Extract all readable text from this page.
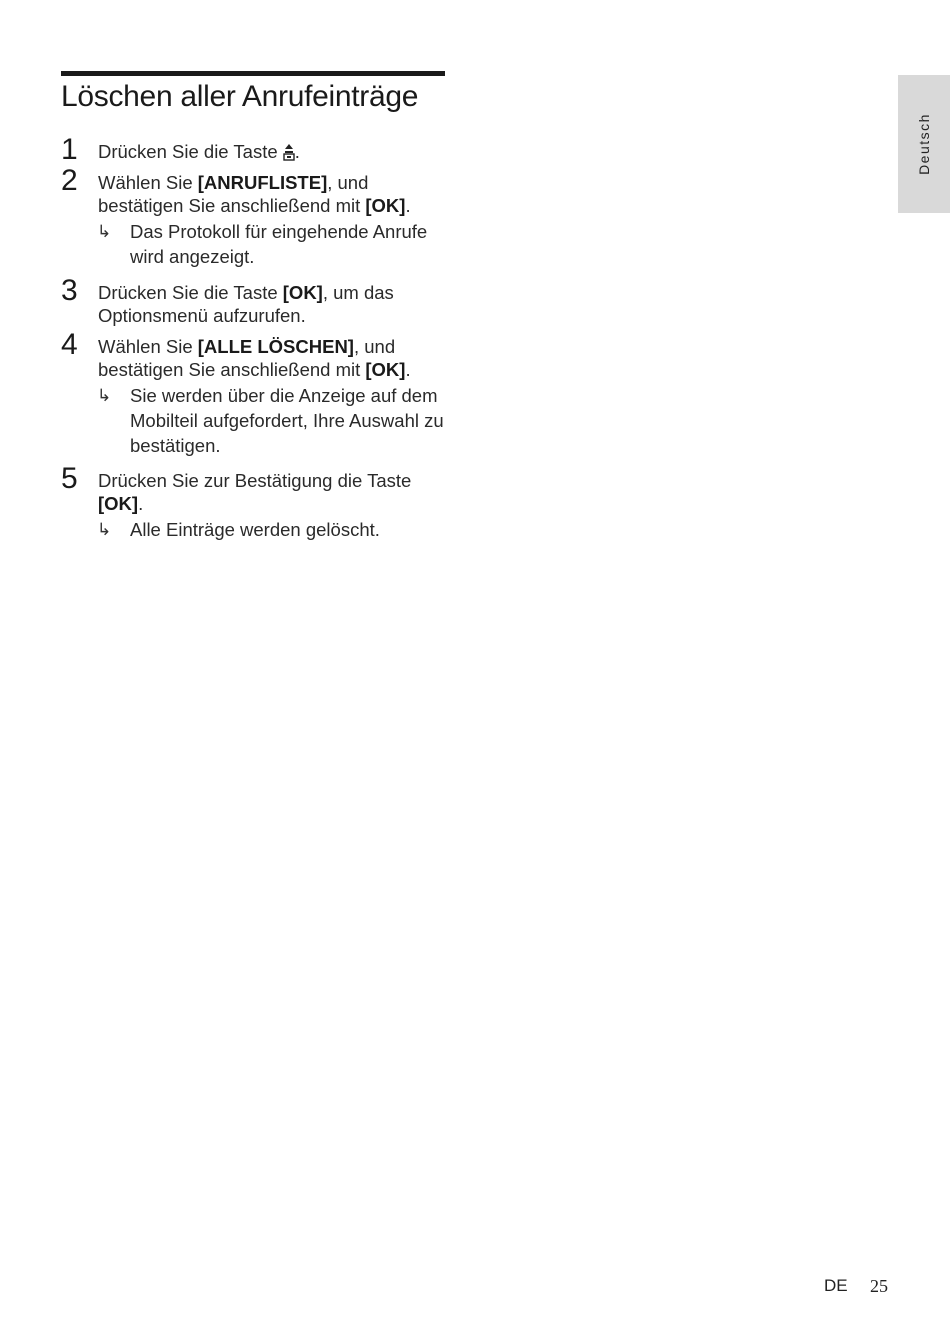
Löschen aller Anrufeinträge
1 Drücken Sie die Taste .
2 Wählen Sie [ANRUFLISTE], und bestätigen Sie anschließend mit [OK].
↳ Das Protokoll für eingehende Anrufe wird angezeigt.
3 Drücken Sie die Taste [OK], um das Optionsmenü aufzurufen.
4 Wählen Sie [ALLE LÖSCHEN], und bestätigen Sie anschließend mit [OK].
↳ Sie werden über die Anzeige auf dem Mobilteil aufgefordert, Ihre Auswahl zu bestätigen.
5 Drücken Sie zur Bestätigung die Taste [OK].
↳ Alle Einträge werden gelöscht.
Deutsch
DE 25
